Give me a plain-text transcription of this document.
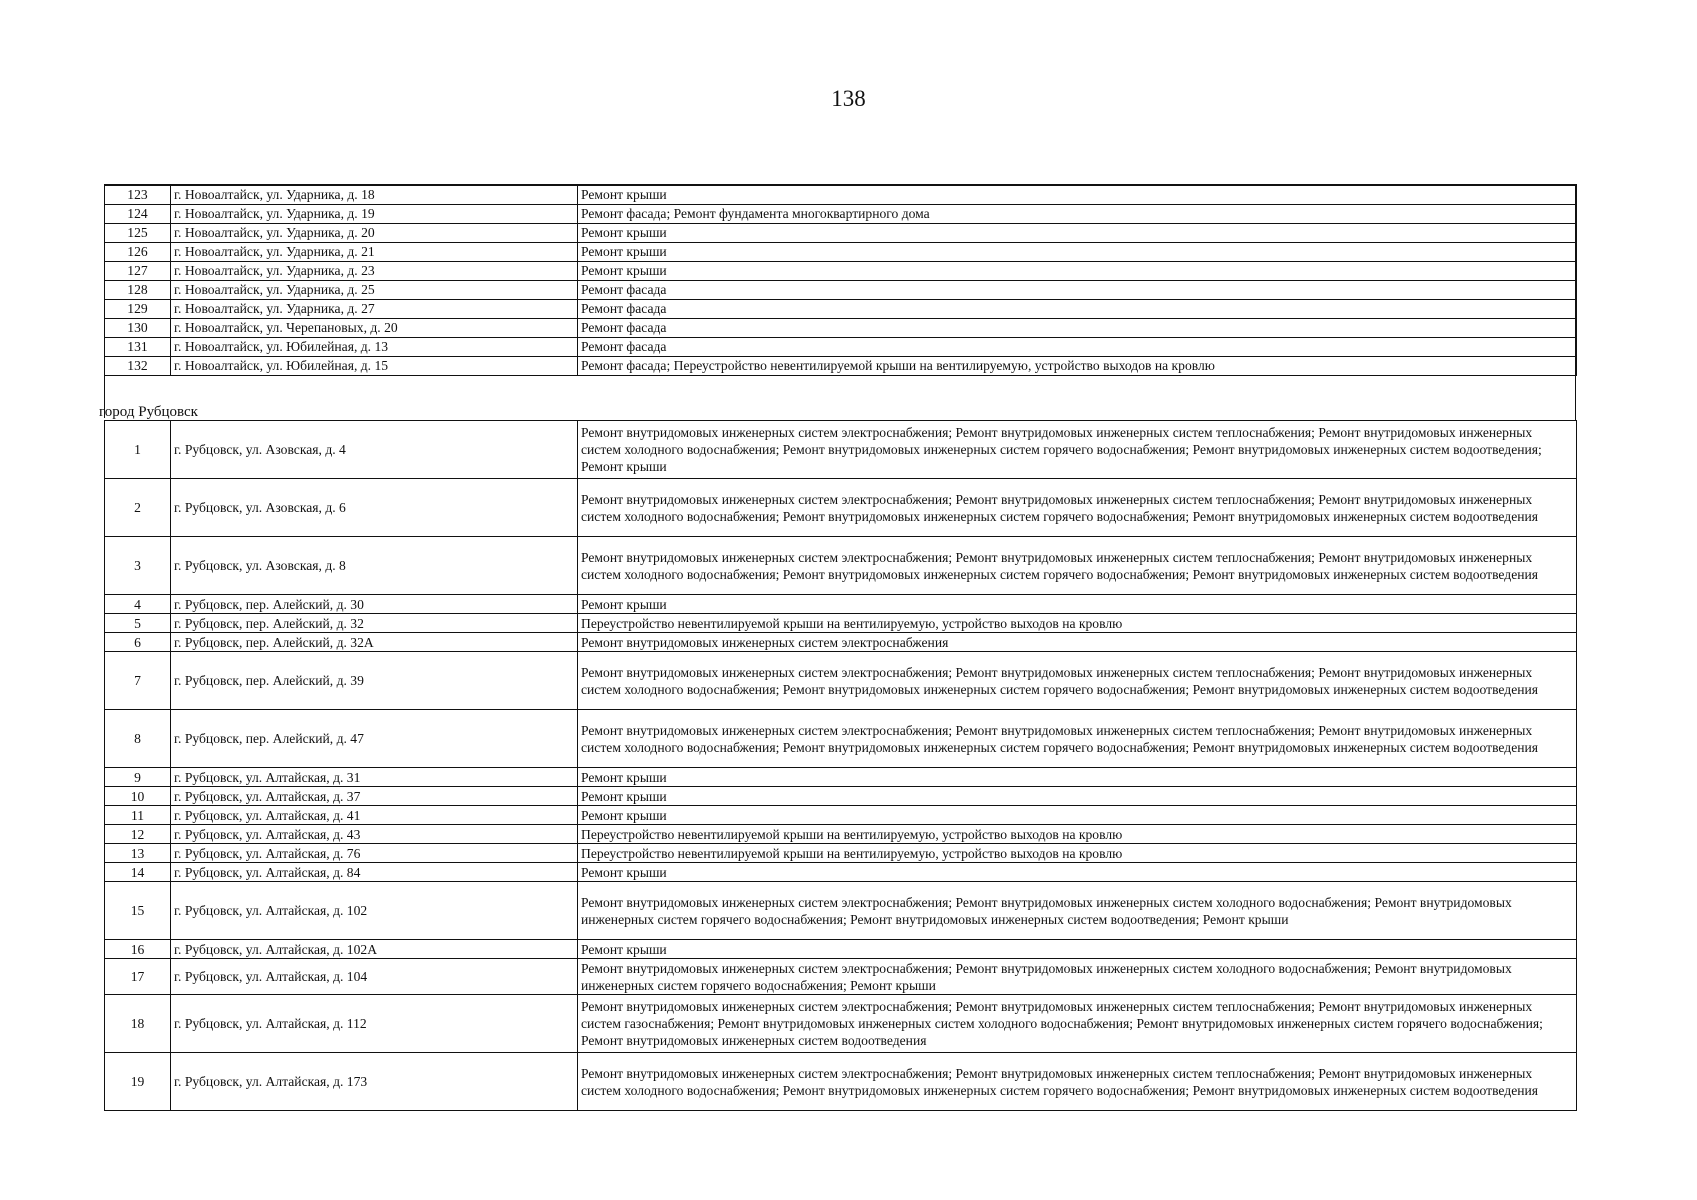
138
123	г. Новоалтайск, ул. Ударника, д. 18	Ремонт крыши
124	г. Новоалтайск, ул. Ударника, д. 19	Ремонт фасада; Ремонт фундамента многоквартирного дома
125	г. Новоалтайск, ул. Ударника, д. 20	Ремонт крыши
126	г. Новоалтайск, ул. Ударника, д. 21	Ремонт крыши
127	г. Новоалтайск, ул. Ударника, д. 23	Ремонт крыши
128	г. Новоалтайск, ул. Ударника, д. 25	Ремонт фасада
129	г. Новоалтайск, ул. Ударника, д. 27	Ремонт фасада
130	г. Новоалтайск, ул. Черепановых, д. 20	Ремонт фасада
131	г. Новоалтайск, ул. Юбилейная, д. 13	Ремонт фасада
132	г. Новоалтайск, ул. Юбилейная, д. 15	Ремонт фасада; Переустройство невентилируемой крыши на вентилируемую, устройство выходов на кровлю
город Рубцовск
1	г. Рубцовск, ул. Азовская, д. 4	Ремонт внутридомовых инженерных систем электроснабжения; Ремонт внутридомовых инженерных систем теплоснабжения; Ремонт внутридомовых инженерных систем холодного водоснабжения; Ремонт внутридомовых инженерных систем горячего водоснабжения; Ремонт внутридомовых инженерных систем водоотведения; Ремонт крыши
2	г. Рубцовск, ул. Азовская, д. 6	Ремонт внутридомовых инженерных систем электроснабжения; Ремонт внутридомовых инженерных систем теплоснабжения; Ремонт внутридомовых инженерных систем холодного водоснабжения; Ремонт внутридомовых инженерных систем горячего водоснабжения; Ремонт внутридомовых инженерных систем водоотведения
3	г. Рубцовск, ул. Азовская, д. 8	Ремонт внутридомовых инженерных систем электроснабжения; Ремонт внутридомовых инженерных систем теплоснабжения; Ремонт внутридомовых инженерных систем холодного водоснабжения; Ремонт внутридомовых инженерных систем горячего водоснабжения; Ремонт внутридомовых инженерных систем водоотведения
4	г. Рубцовск, пер. Алейский, д. 30	Ремонт крыши
5	г. Рубцовск, пер. Алейский, д. 32	Переустройство невентилируемой крыши на вентилируемую, устройство выходов на кровлю
6	г. Рубцовск, пер. Алейский, д. 32А	Ремонт внутридомовых инженерных систем электроснабжения
7	г. Рубцовск, пер. Алейский, д. 39	Ремонт внутридомовых инженерных систем электроснабжения; Ремонт внутридомовых инженерных систем теплоснабжения; Ремонт внутридомовых инженерных систем холодного водоснабжения; Ремонт внутридомовых инженерных систем горячего водоснабжения; Ремонт внутридомовых инженерных систем водоотведения
8	г. Рубцовск, пер. Алейский, д. 47	Ремонт внутридомовых инженерных систем электроснабжения; Ремонт внутридомовых инженерных систем теплоснабжения; Ремонт внутридомовых инженерных систем холодного водоснабжения; Ремонт внутридомовых инженерных систем горячего водоснабжения; Ремонт внутридомовых инженерных систем водоотведения
9	г. Рубцовск, ул. Алтайская, д. 31	Ремонт крыши
10	г. Рубцовск, ул. Алтайская, д. 37	Ремонт крыши
11	г. Рубцовск, ул. Алтайская, д. 41	Ремонт крыши
12	г. Рубцовск, ул. Алтайская, д. 43	Переустройство невентилируемой крыши на вентилируемую, устройство выходов на кровлю
13	г. Рубцовск, ул. Алтайская, д. 76	Переустройство невентилируемой крыши на вентилируемую, устройство выходов на кровлю
14	г. Рубцовск, ул. Алтайская, д. 84	Ремонт крыши
15	г. Рубцовск, ул. Алтайская, д. 102	Ремонт внутридомовых инженерных систем электроснабжения; Ремонт внутридомовых инженерных систем холодного водоснабжения; Ремонт внутридомовых инженерных систем горячего водоснабжения; Ремонт внутридомовых инженерных систем водоотведения; Ремонт крыши
16	г. Рубцовск, ул. Алтайская, д. 102А	Ремонт крыши
17	г. Рубцовск, ул. Алтайская, д. 104	Ремонт внутридомовых инженерных систем электроснабжения; Ремонт внутридомовых инженерных систем холодного водоснабжения; Ремонт внутридомовых инженерных систем горячего водоснабжения; Ремонт крыши
18	г. Рубцовск, ул. Алтайская, д. 112	Ремонт внутридомовых инженерных систем электроснабжения; Ремонт внутридомовых инженерных систем теплоснабжения; Ремонт внутридомовых инженерных систем газоснабжения; Ремонт внутридомовых инженерных систем холодного водоснабжения; Ремонт внутридомовых инженерных систем горячего водоснабжения; Ремонт внутридомовых инженерных систем водоотведения
19	г. Рубцовск, ул. Алтайская, д. 173	Ремонт внутридомовых инженерных систем электроснабжения; Ремонт внутридомовых инженерных систем теплоснабжения; Ремонт внутридомовых инженерных систем холодного водоснабжения; Ремонт внутридомовых инженерных систем горячего водоснабжения; Ремонт внутридомовых инженерных систем водоотведения
